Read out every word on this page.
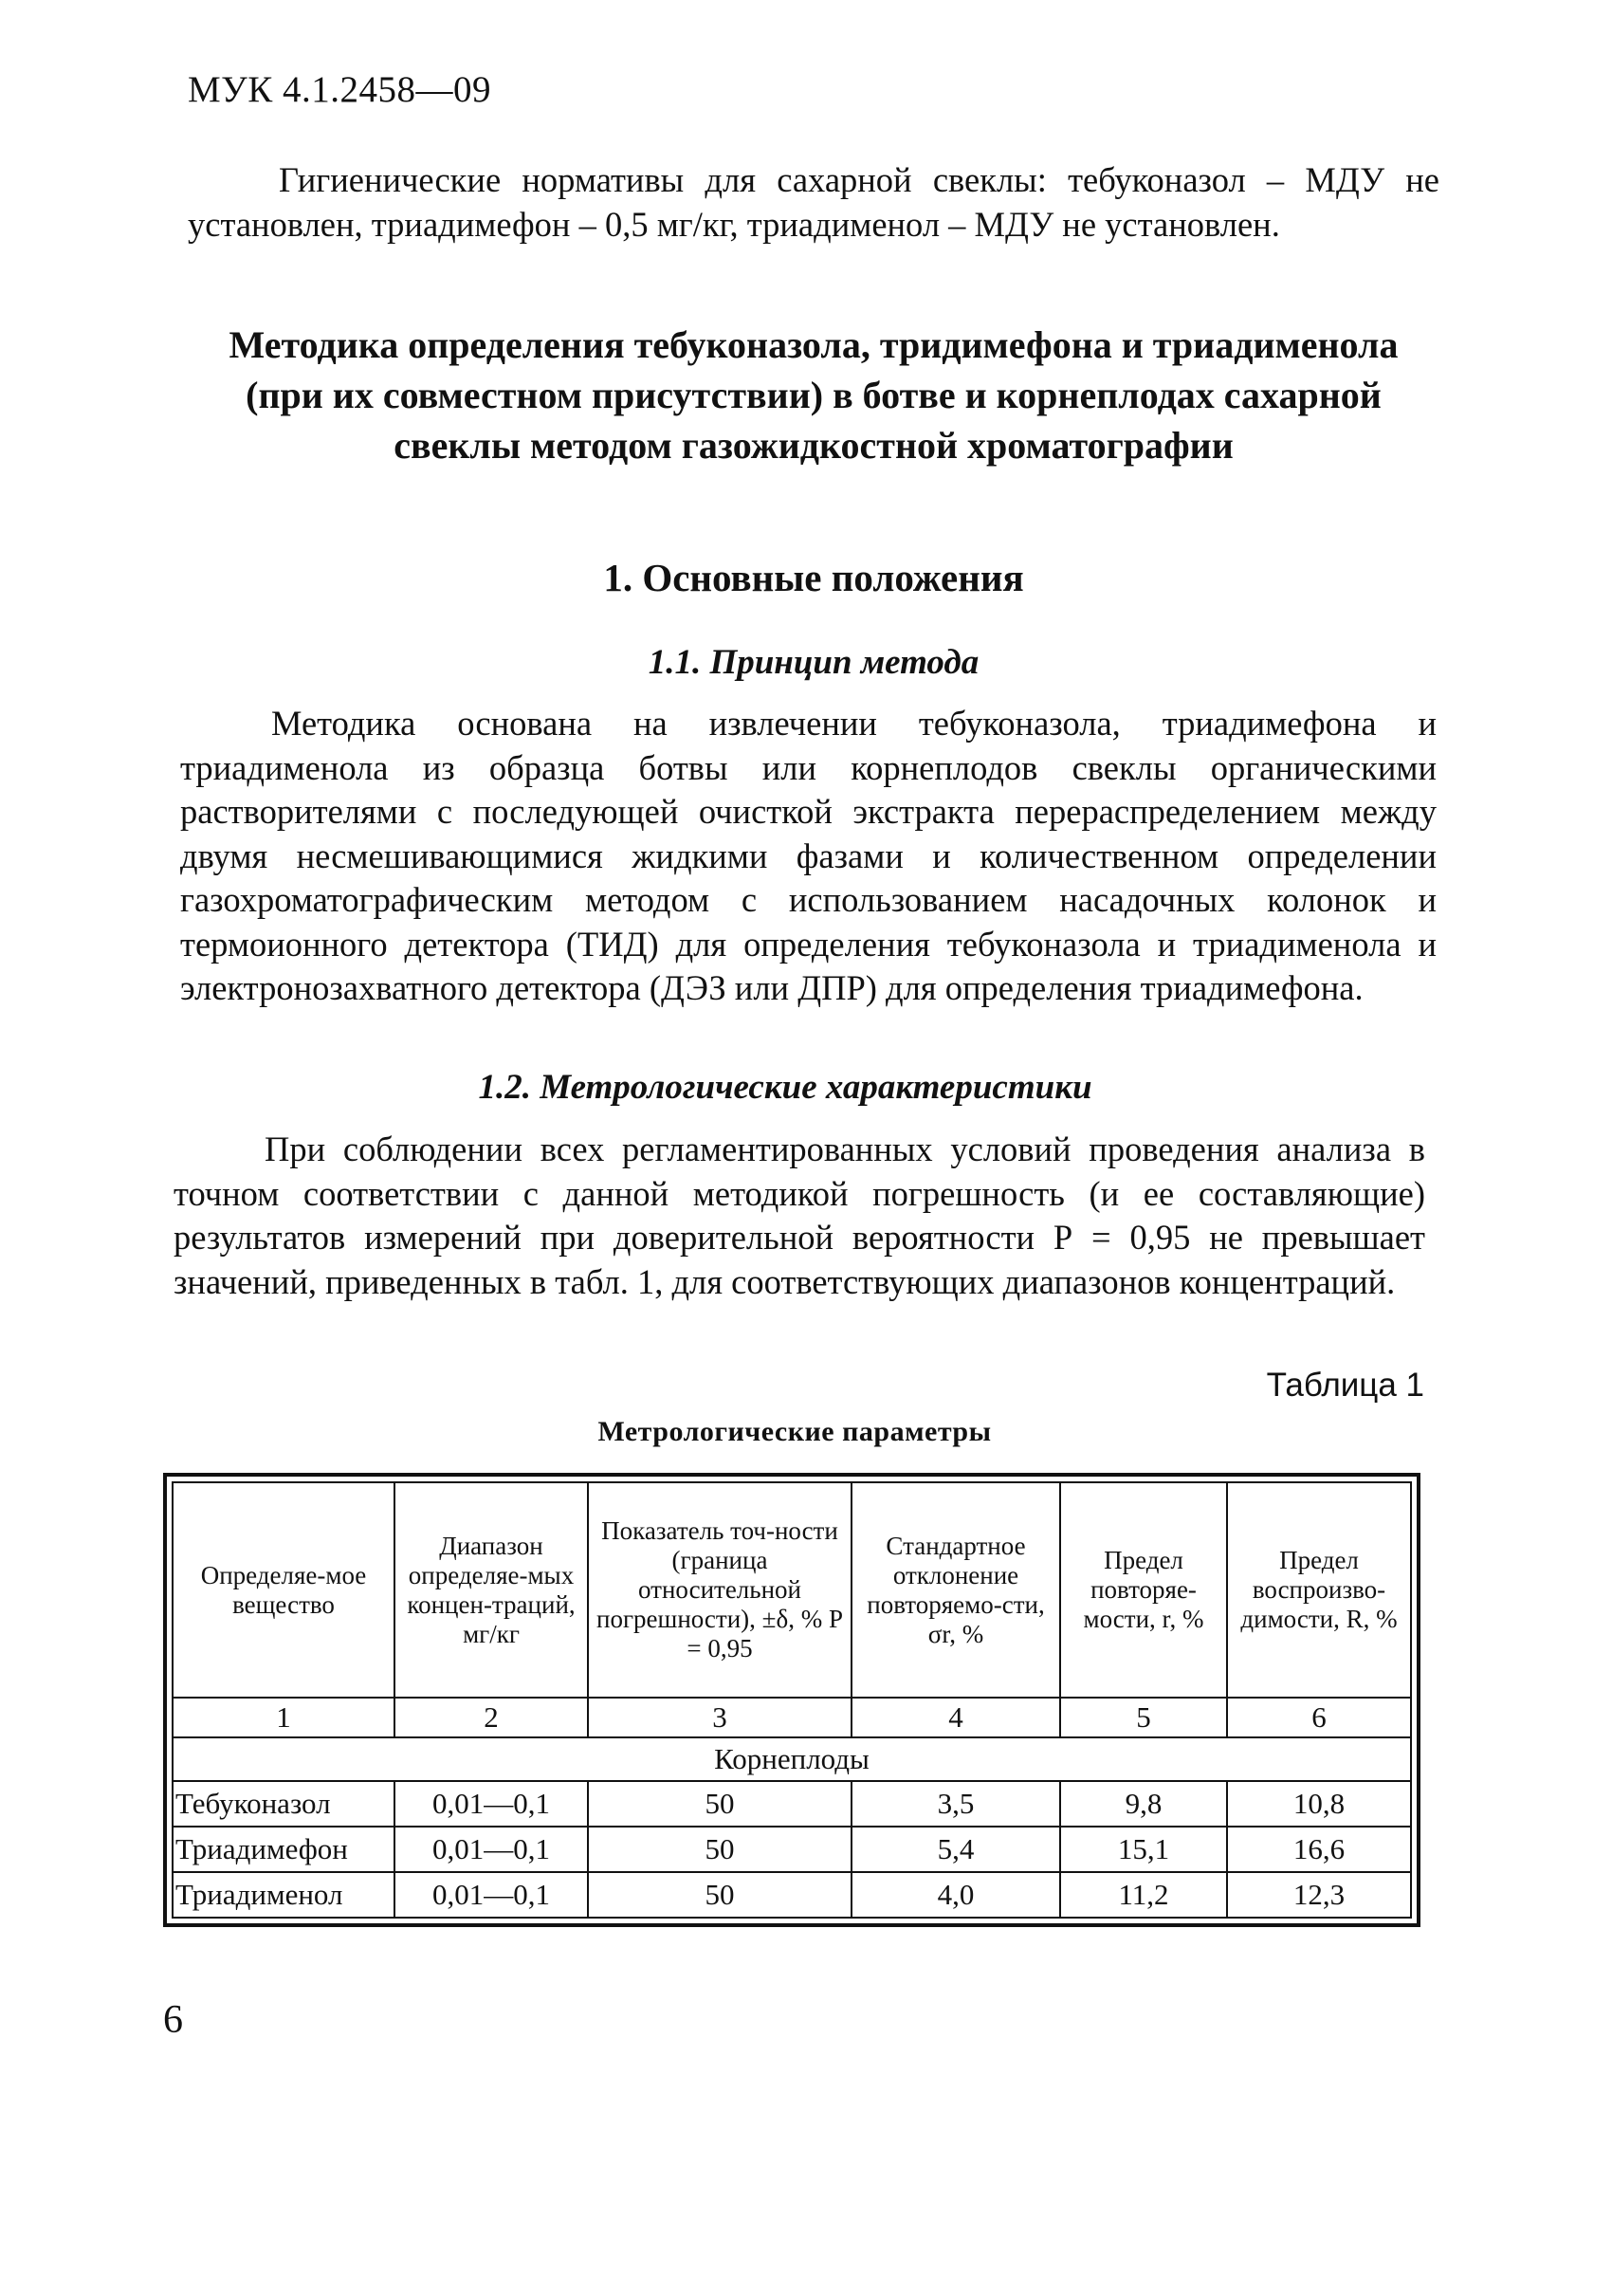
МУК 4.1.2458—09

Гигиенические нормативы для сахарной свеклы: тебуконазол – МДУ не установлен, триадимефон – 0,5 мг/кг, триадименол – МДУ не установлен.

Методика определения тебуконазола, тридимефона и триадименола (при их совместном присутствии) в ботве и корнеплодах сахарной свеклы методом газожидкостной хроматографии

1. Основные положения

1.1. Принцип метода

Методика основана на извлечении тебуконазола, триадимефона и триадименола из образца ботвы или корнеплодов свеклы органическими растворителями с последующей очисткой экстракта перераспределением между двумя несмешивающимися жидкими фазами и количественном определении газохроматографическим методом с использованием насадочных колонок и термоионного детектора (ТИД) для определения тебуконазола и триадименола и электронозахватного детектора (ДЭЗ или ДПР) для определения триадимефона.

1.2. Метрологические характеристики

При соблюдении всех регламентированных условий проведения анализа в точном соответствии с данной методикой погрешность (и ее составляющие) результатов измерений при доверительной вероятности Р = 0,95 не превышает значений, приведенных в табл. 1, для соответствующих диапазонов концентраций.

Таблица 1

Метрологические параметры

Определяе-мое вещество	Диапазон определяе-мых концен-траций, мг/кг	Показатель точ-ности (граница относительной погрешности), ±δ, % Р = 0,95	Стандартное отклонение повторяемо-сти, σr, %	Предел повторяе-мости, r, %	Предел воспроизво-димости, R, %
1	2	3	4	5	6
Корнеплоды					
Тебуконазол	0,01—0,1	50	3,5	9,8	10,8
Триадимефон	0,01—0,1	50	5,4	15,1	16,6
Триадименол	0,01—0,1	50	4,0	11,2	12,3
6
